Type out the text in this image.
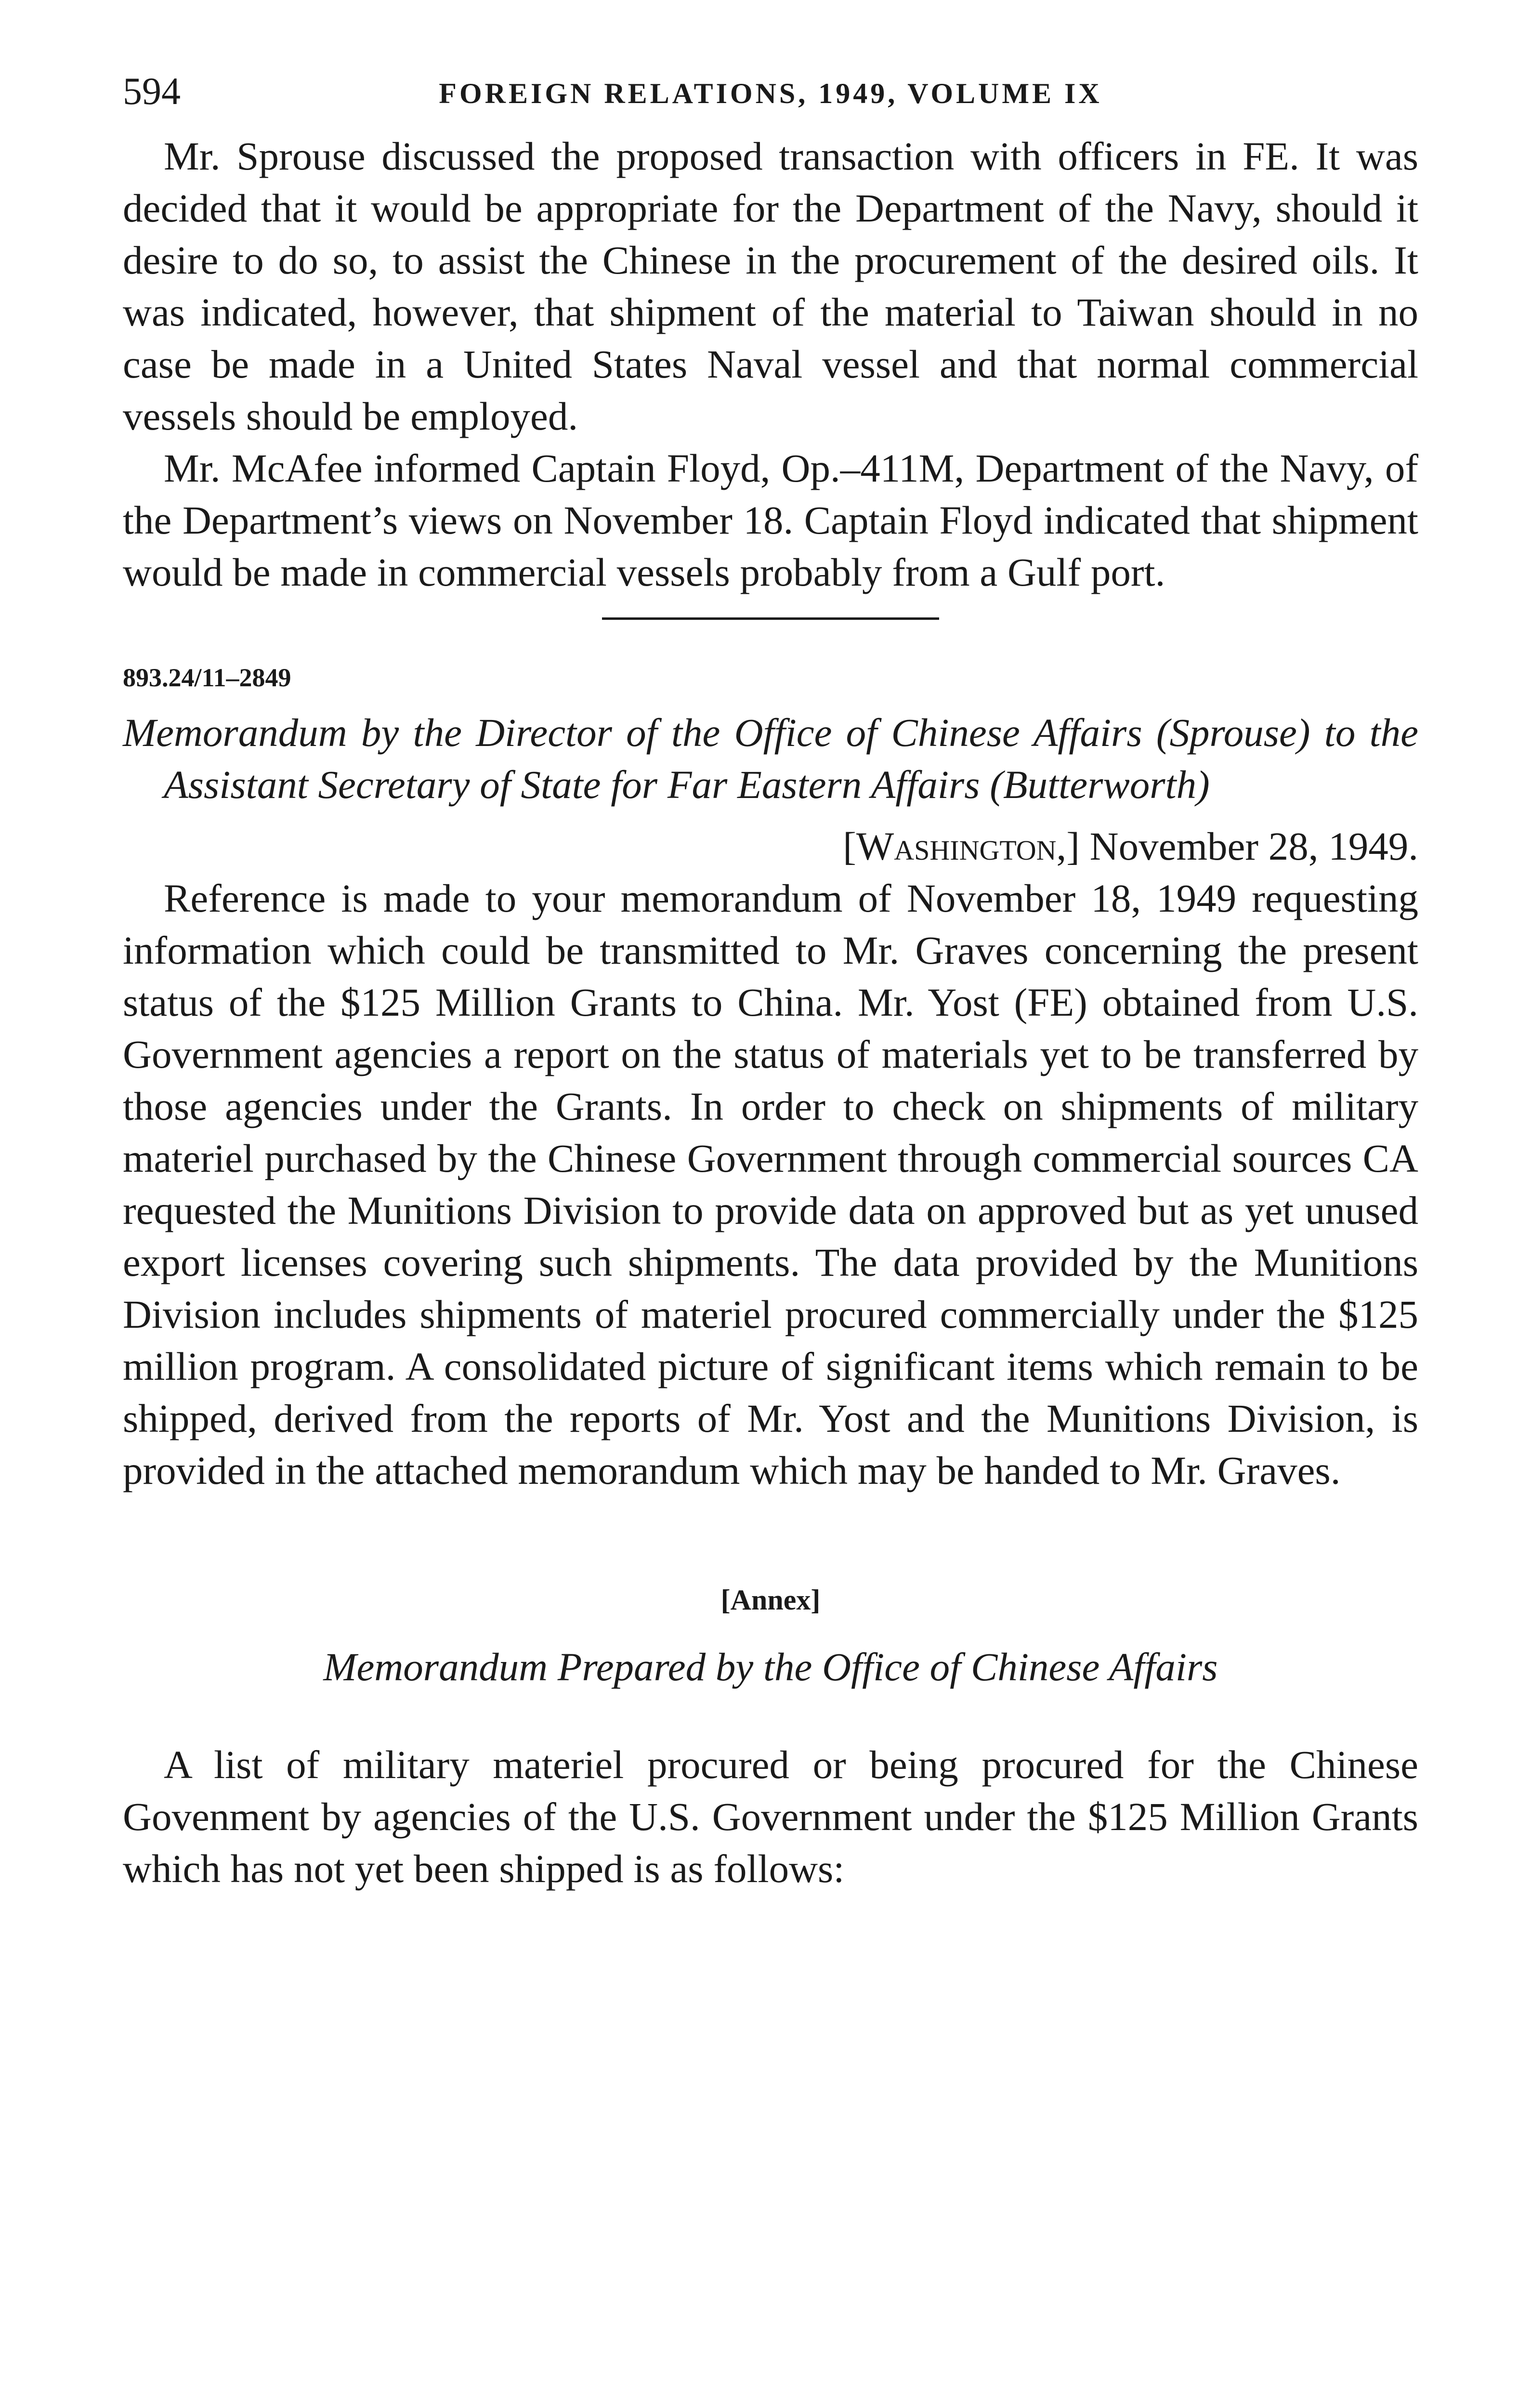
594	FOREIGN RELATIONS, 1949, VOLUME IX

Mr. Sprouse discussed the proposed transaction with officers in FE. It was decided that it would be appropriate for the Department of the Navy, should it desire to do so, to assist the Chinese in the procurement of the desired oils. It was indicated, however, that shipment of the material to Taiwan should in no case be made in a United States Naval vessel and that normal commercial vessels should be employed.

Mr. McAfee informed Captain Floyd, Op.–411M, Department of the Navy, of the Department’s views on November 18. Captain Floyd indicated that shipment would be made in commercial vessels probably from a Gulf port.

893.24/11–2849
Memorandum by the Director of the Office of Chinese Affairs (Sprouse) to the Assistant Secretary of State for Far Eastern Affairs (Butterworth)
[Washington,] November 28, 1949.

Reference is made to your memorandum of November 18, 1949 requesting information which could be transmitted to Mr. Graves concerning the present status of the $125 Million Grants to China. Mr. Yost (FE) obtained from U.S. Government agencies a report on the status of materials yet to be transferred by those agencies under the Grants. In order to check on shipments of military materiel purchased by the Chinese Government through commercial sources CA requested the Munitions Division to provide data on approved but as yet unused export licenses covering such shipments. The data provided by the Munitions Division includes shipments of materiel procured commercially under the $125 million program. A consolidated picture of significant items which remain to be shipped, derived from the reports of Mr. Yost and the Munitions Division, is provided in the attached memorandum which may be handed to Mr. Graves.

[Annex]
Memorandum Prepared by the Office of Chinese Affairs

A list of military materiel procured or being procured for the Chinese Govenment by agencies of the U.S. Government under the $125 Million Grants which has not yet been shipped is as follows:
